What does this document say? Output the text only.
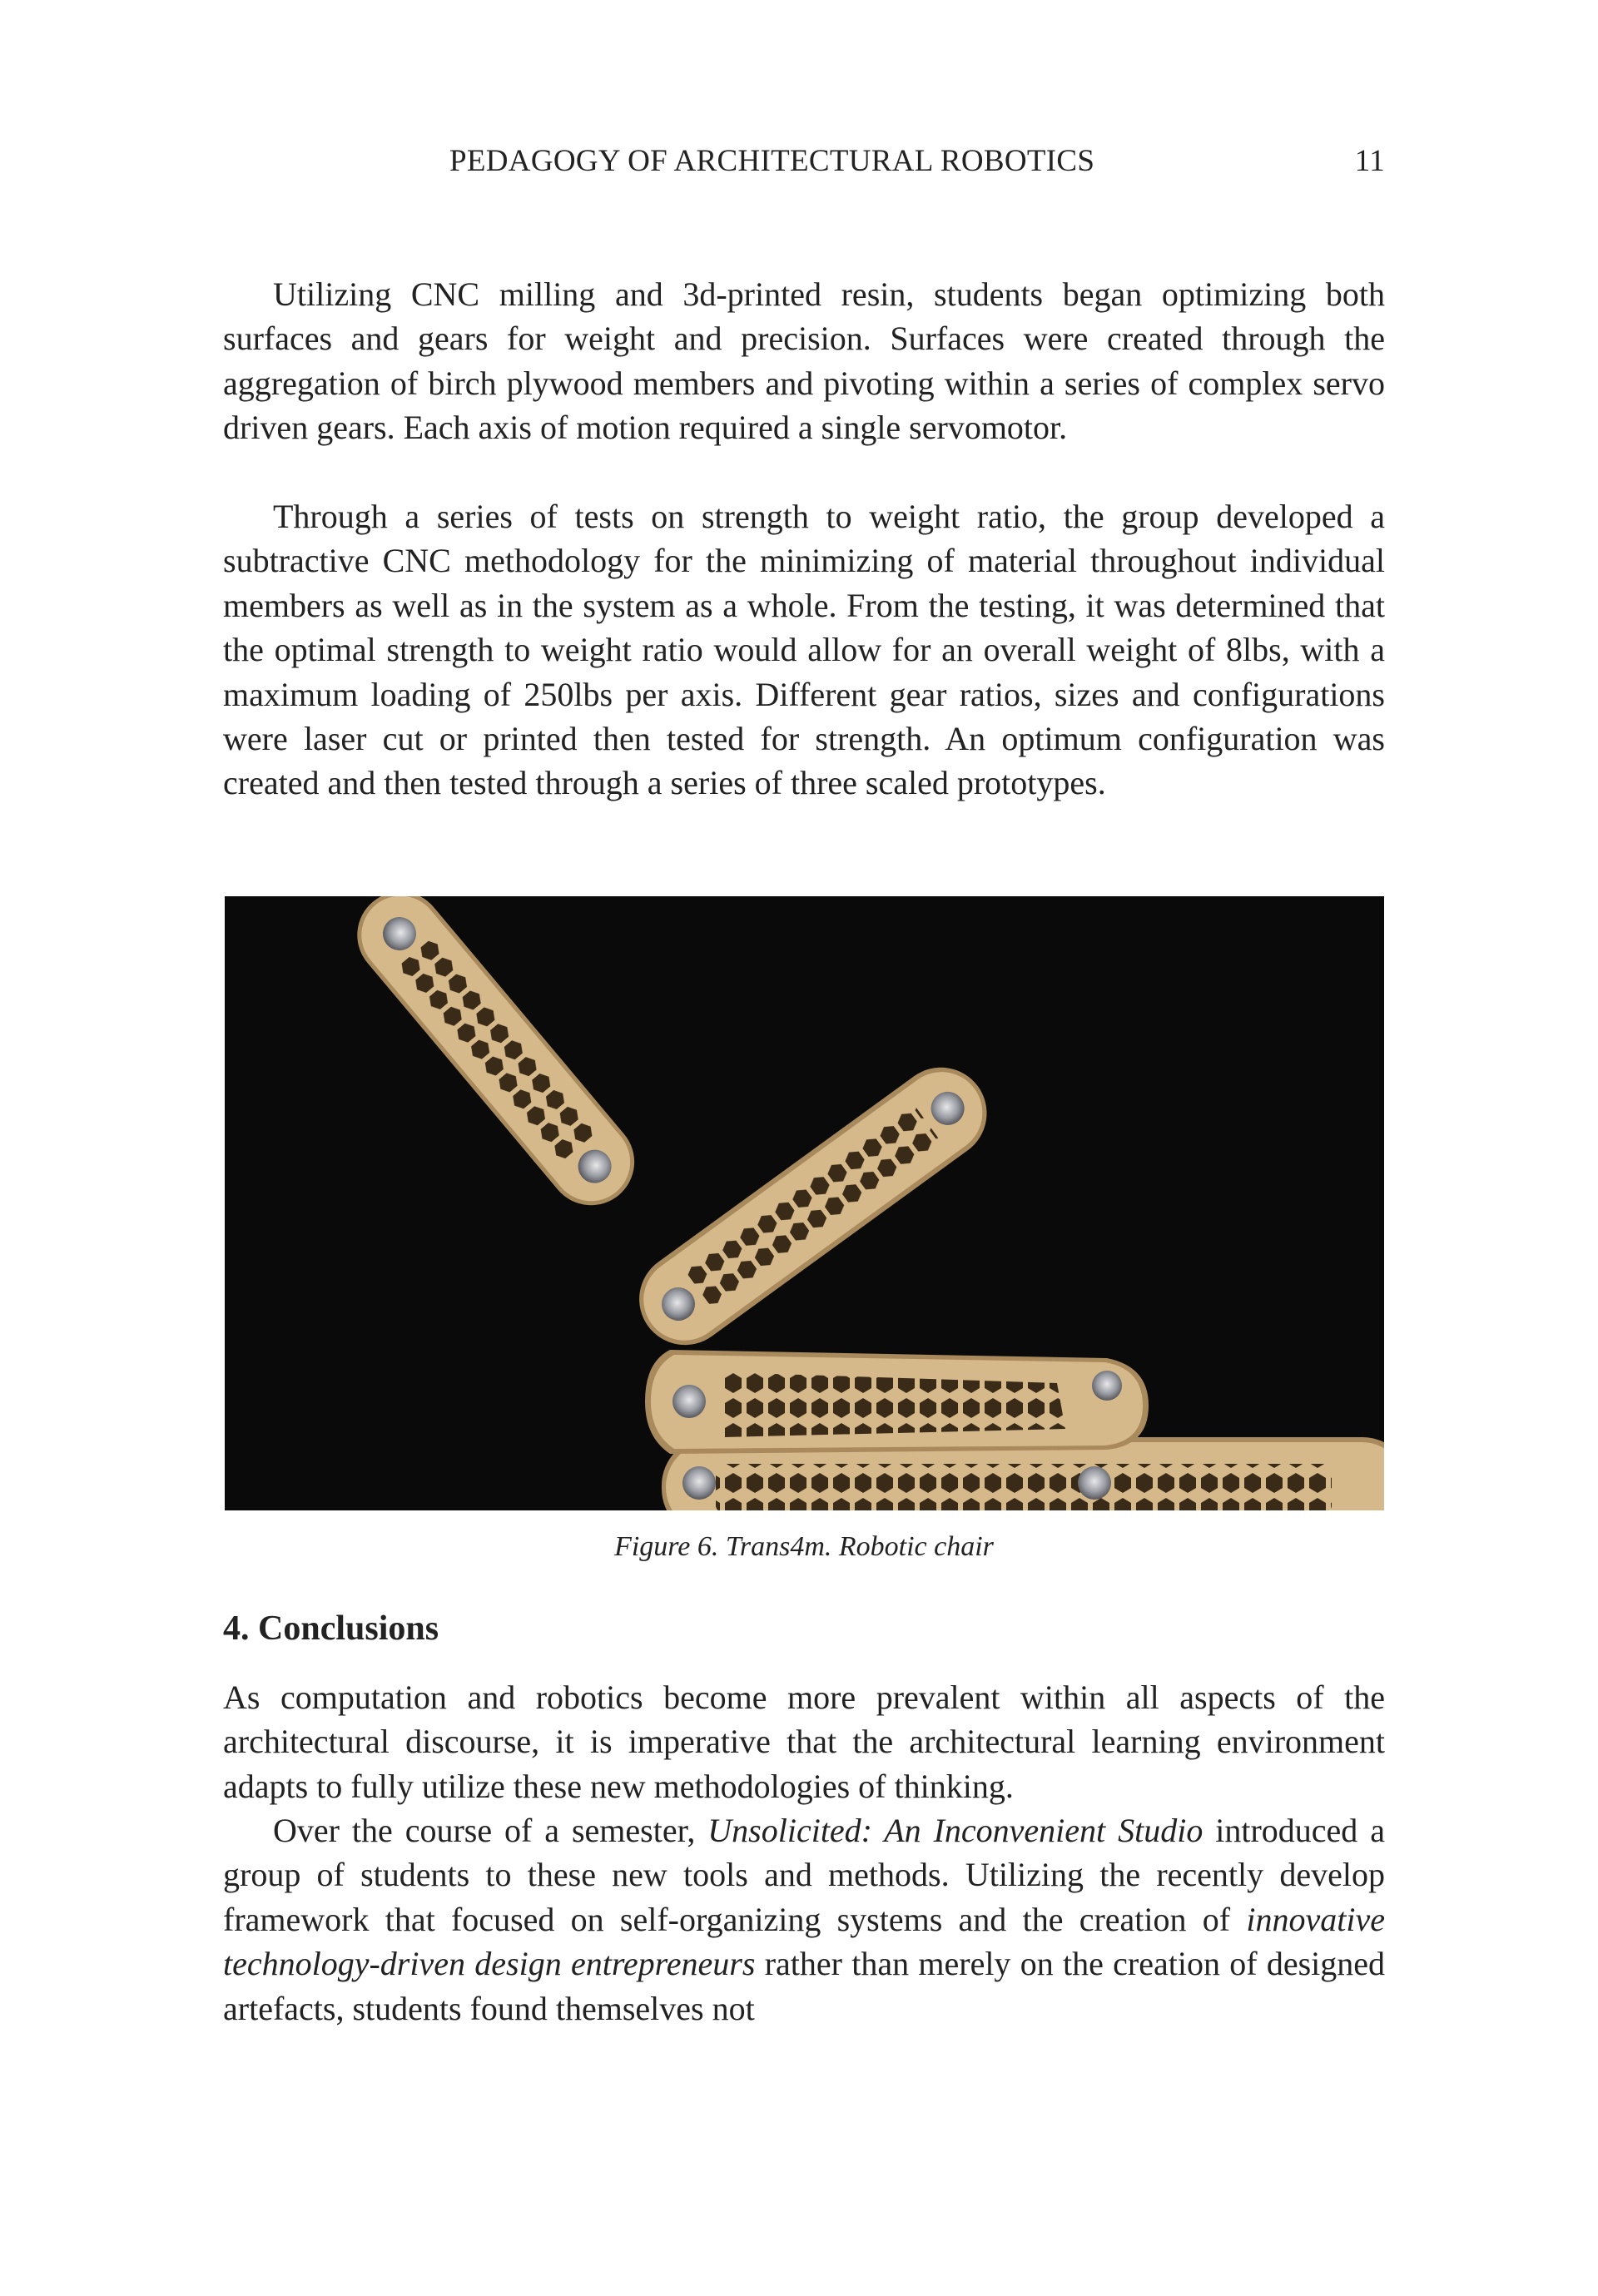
PEDAGOGY OF ARCHITECTURAL ROBOTICS	11

Utilizing CNC milling and 3d-printed resin, students began optimizing both surfaces and gears for weight and precision. Surfaces were created through the aggregation of birch plywood members and pivoting within a series of complex servo driven gears. Each axis of motion required a single servomotor.

Through a series of tests on strength to weight ratio, the group developed a subtractive CNC methodology for the minimizing of material throughout individual members as well as in the system as a whole. From the testing, it was determined that the optimal strength to weight ratio would allow for an overall weight of 8lbs, with a maximum loading of 250lbs per axis. Different gear ratios, sizes and configurations were laser cut or printed then tested for strength. An optimum configuration was created and then tested through a series of three scaled prototypes.

Figure 6. Trans4m. Robotic chair
4. Conclusions

As computation and robotics become more prevalent within all aspects of the architectural discourse, it is imperative that the architectural learning environment adapts to fully utilize these new methodologies of thinking.

Over the course of a semester, Unsolicited: An Inconvenient Studio introduced a group of students to these new tools and methods. Utilizing the recently develop framework that focused on self-organizing systems and the creation of innovative technology-driven design entrepreneurs rather than merely on the creation of designed artefacts, students found themselves not
